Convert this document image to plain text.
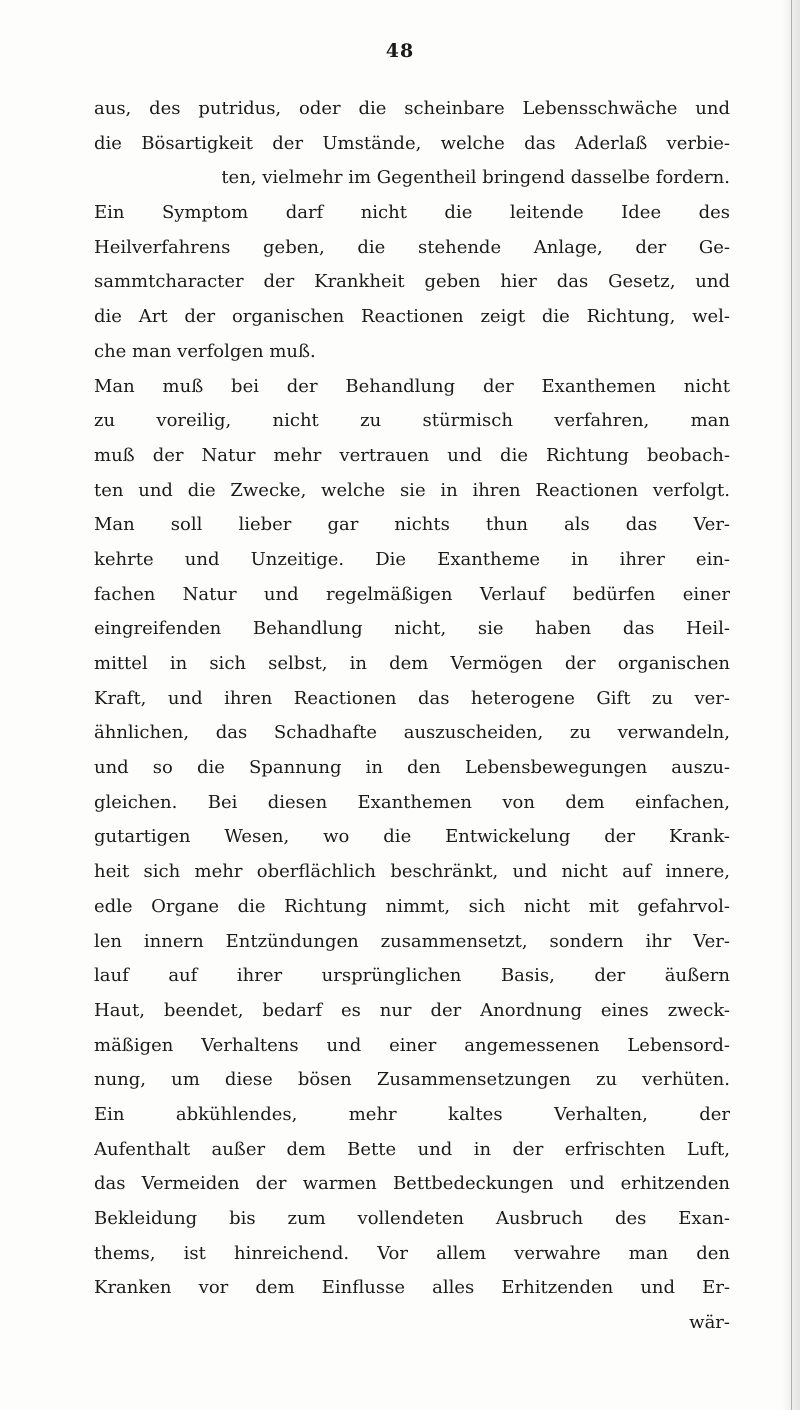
48
aus, des putridus, oder die scheinbare Lebensschwäche und
die Bösartigkeit der Umstände, welche das Aderlaß verbie-
ten, vielmehr im Gegentheil bringend dasselbe fordern.
Ein Symptom darf nicht die leitende Idee des
Heilverfahrens geben, die stehende Anlage, der Ge-
sammtcharacter der Krankheit geben hier das Gesetz, und
die Art der organischen Reactionen zeigt die Richtung, wel-
che man verfolgen muß.
Man muß bei der Behandlung der Exanthemen nicht
zu voreilig, nicht zu stürmisch verfahren, man
muß der Natur mehr vertrauen und die Richtung beobach-
ten und die Zwecke, welche sie in ihren Reactionen verfolgt.
Man soll lieber gar nichts thun als das Ver-
kehrte und Unzeitige. Die Exantheme in ihrer ein-
fachen Natur und regelmäßigen Verlauf bedürfen einer
eingreifenden Behandlung nicht, sie haben das Heil-
mittel in sich selbst, in dem Vermögen der organischen
Kraft, und ihren Reactionen das heterogene Gift zu ver-
ähnlichen, das Schadhafte auszuscheiden, zu verwandeln,
und so die Spannung in den Lebensbewegungen auszu-
gleichen. Bei diesen Exanthemen von dem einfachen,
gutartigen Wesen, wo die Entwickelung der Krank-
heit sich mehr oberflächlich beschränkt, und nicht auf innere,
edle Organe die Richtung nimmt, sich nicht mit gefahrvol-
len innern Entzündungen zusammensetzt, sondern ihr Ver-
lauf auf ihrer ursprünglichen Basis, der äußern
Haut, beendet, bedarf es nur der Anordnung eines zweck-
mäßigen Verhaltens und einer angemessenen Lebensord-
nung, um diese bösen Zusammensetzungen zu verhüten.
Ein abkühlendes, mehr kaltes Verhalten, der
Aufenthalt außer dem Bette und in der erfrischten Luft,
das Vermeiden der warmen Bettbedeckungen und erhitzenden
Bekleidung bis zum vollendeten Ausbruch des Exan-
thems, ist hinreichend. Vor allem verwahre man den
Kranken vor dem Einflusse alles Erhitzenden und Er-
wär-
